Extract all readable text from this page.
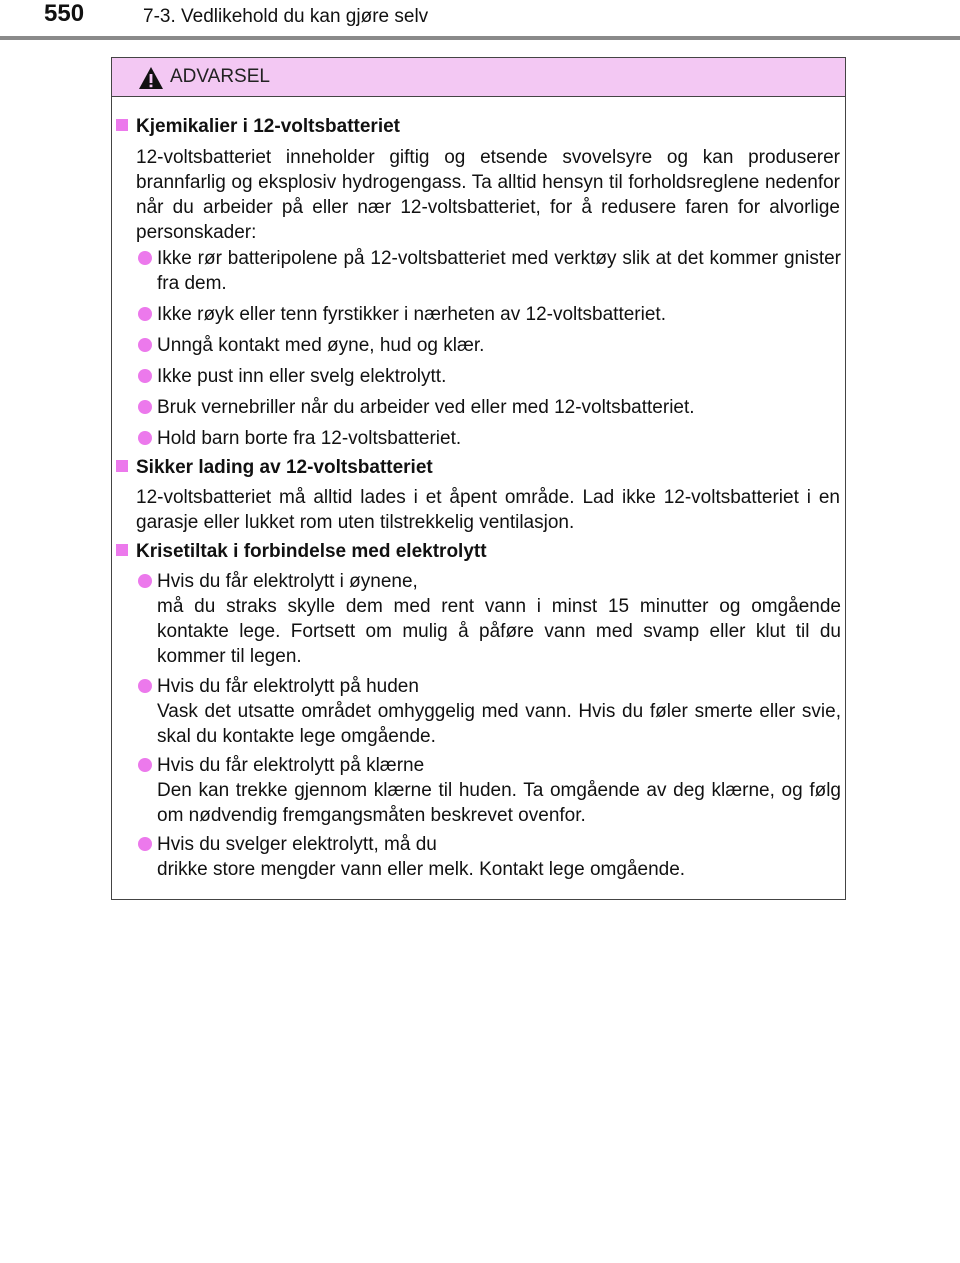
550	7-3. Vedlikehold du kan gjøre selv
ADVARSEL
Kjemikalier i 12-voltsbatteriet
12-voltsbatteriet inneholder giftig og etsende svovelsyre og kan produserer brannfarlig og eksplosiv hydrogengass. Ta alltid hensyn til forholdsreglene nedenfor når du arbeider på eller nær 12-voltsbatteriet, for å redusere faren for alvorlige personskader:
Ikke rør batteripolene på 12-voltsbatteriet med verktøy slik at det kommer gnister fra dem.
Ikke røyk eller tenn fyrstikker i nærheten av 12-voltsbatteriet.
Unngå kontakt med øyne, hud og klær.
Ikke pust inn eller svelg elektrolytt.
Bruk vernebriller når du arbeider ved eller med 12-voltsbatteriet.
Hold barn borte fra 12-voltsbatteriet.
Sikker lading av 12-voltsbatteriet
12-voltsbatteriet må alltid lades i et åpent område. Lad ikke 12-voltsbatteriet i en garasje eller lukket rom uten tilstrekkelig ventilasjon.
Krisetiltak i forbindelse med elektrolytt
Hvis du får elektrolytt i øynene,
må du straks skylle dem med rent vann i minst 15 minutter og omgående kontakte lege. Fortsett om mulig å påføre vann med svamp eller klut til du kommer til legen.
Hvis du får elektrolytt på huden
Vask det utsatte området omhyggelig med vann. Hvis du føler smerte eller svie, skal du kontakte lege omgående.
Hvis du får elektrolytt på klærne
Den kan trekke gjennom klærne til huden. Ta omgående av deg klærne, og følg om nødvendig fremgangsmåten beskrevet ovenfor.
Hvis du svelger elektrolytt, må du
drikke store mengder vann eller melk. Kontakt lege omgående.
